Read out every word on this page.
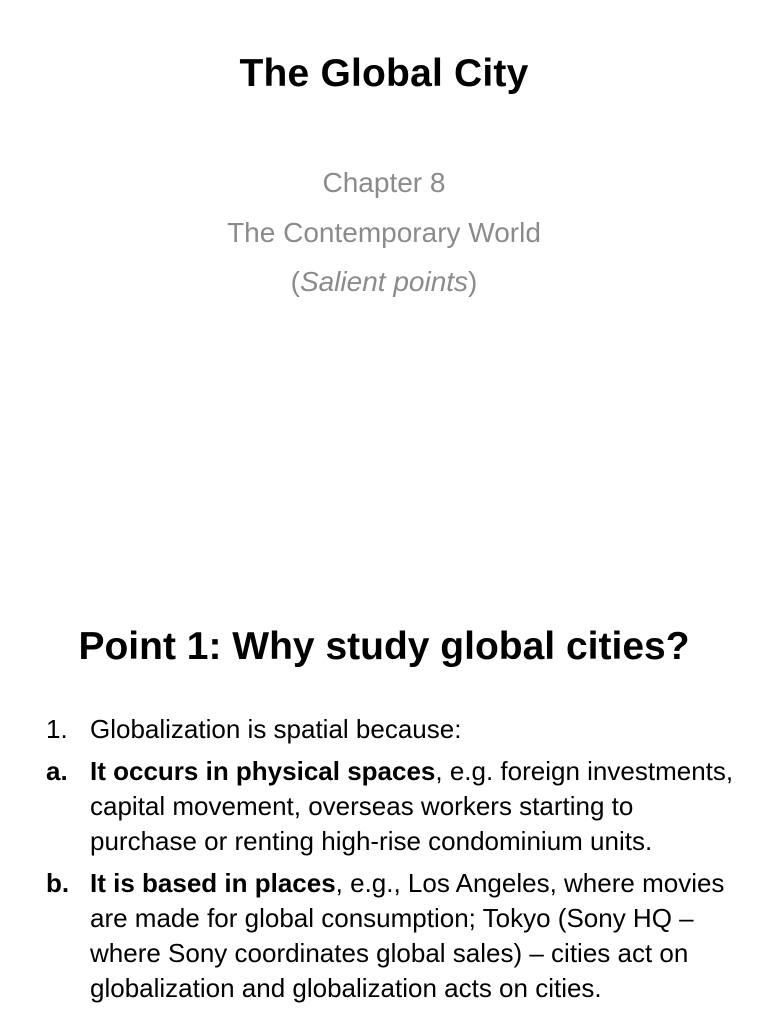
The Global City
Chapter 8
The Contemporary World
(Salient points)
Point 1: Why study global cities?
1. Globalization is spatial because:
a. It occurs in physical spaces, e.g. foreign investments, capital movement, overseas workers starting to purchase or renting high-rise condominium units.
b. It is based in places, e.g., Los Angeles, where movies are made for global consumption; Tokyo (Sony HQ – where Sony coordinates global sales) – cities act on globalization and globalization acts on cities.
